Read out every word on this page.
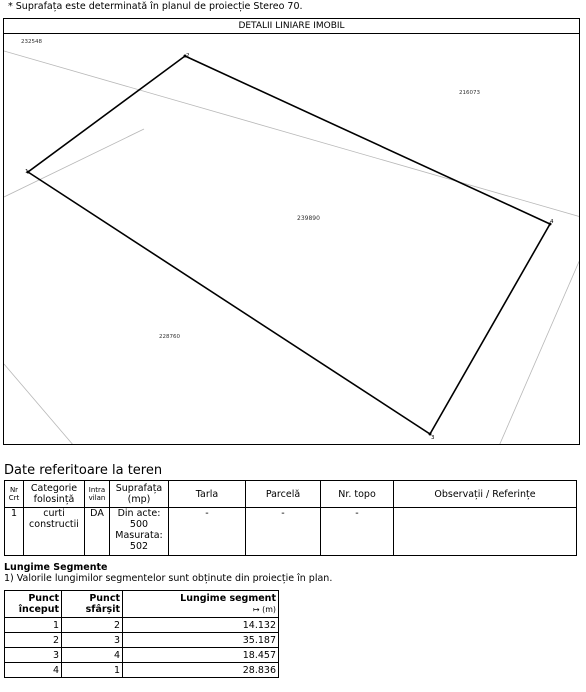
* Suprafața este determinată în planul de proiecție Stereo 70.
DETALII LINIARE IMOBIL
1
2
4
3
239890
232548
216073
228760
Date referitoare la teren
Nr Crt	Categorie folosință	Intra vilan	Suprafața (mp)	Tarla	Parcelă	Nr. topo	Observații / Referințe
1	curti constructii	DA	Din acte:
500
Masurata:
502	-	-	-	
Lungime Segmente
1) Valorile lungimilor segmentelor sunt obținute din proiecție în plan.
Punct început	Punct sfârșit	Lungime segment
↦ (m)
1	2	14.132
2	3	35.187
3	4	18.457
4	1	28.836
